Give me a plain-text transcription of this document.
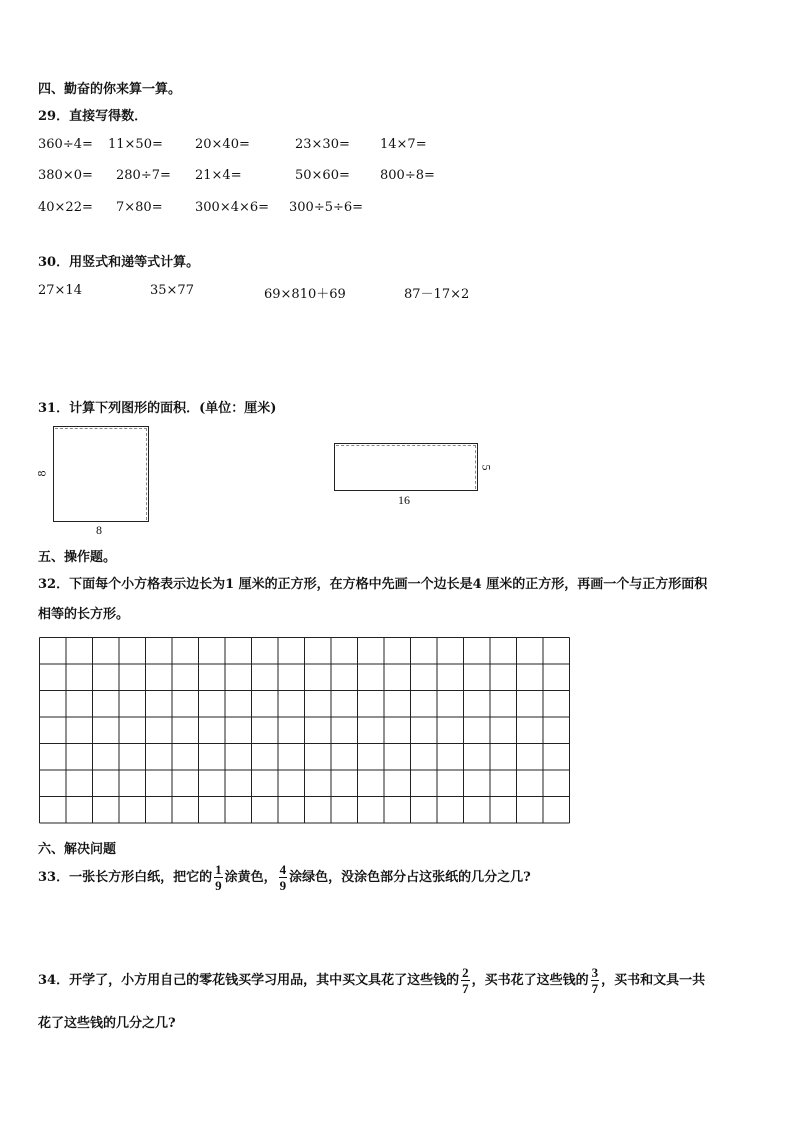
四、勤奋的你来算一算。
29．直接写得数．
360÷4= 11×50= 20×40=	23×30= 14×7=
380×0= 280÷7= 21×4=	50×60= 800÷8=
40×22= 7×80= 300×4×6= 300÷5÷6=
30．用竖式和递等式计算。
27×14	35×77	69×810＋69	87－17×2
31．计算下列图形的面积．(单位：厘米)
8
8
5
16
五、操作题。
32．下面每个小方格表示边长为1 厘米的正方形，在方格中先画一个边长是4 厘米的正方形，再画一个与正方形面积
相等的长方形。
六、解决问题
33．一张长方形白纸，把它的 $\frac{1}{9}$ 涂黄色， $\frac{4}{9}$ 涂绿色，没涂色部分占这张纸的几分之几?
34．开学了，小方用自己的零花钱买学习用品，其中买文具花了这些钱的 $\frac{2}{7}$ ，买书花了这些钱的 $\frac{3}{7}$ ，买书和文具一共
花了这些钱的几分之几?
